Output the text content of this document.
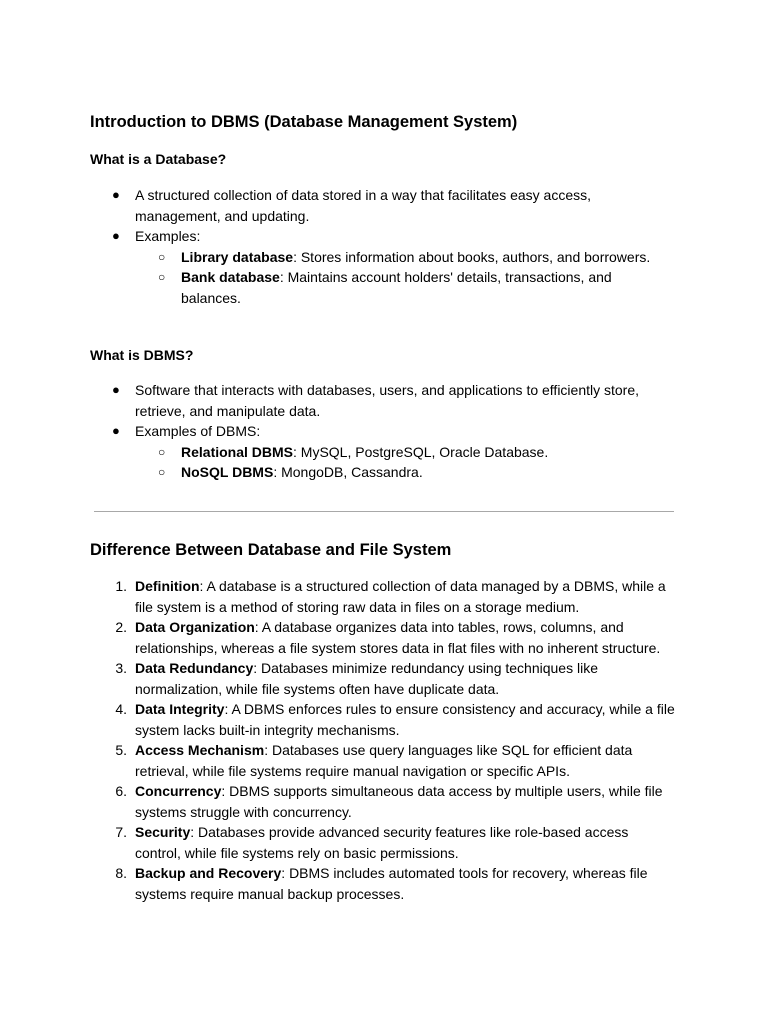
Introduction to DBMS (Database Management System)
What is a Database?
● A structured collection of data stored in a way that facilitates easy access, management, and updating.
● Examples:
○ Library database: Stores information about books, authors, and borrowers.
○ Bank database: Maintains account holders' details, transactions, and balances.
What is DBMS?
● Software that interacts with databases, users, and applications to efficiently store, retrieve, and manipulate data.
● Examples of DBMS:
○ Relational DBMS: MySQL, PostgreSQL, Oracle Database.
○ NoSQL DBMS: MongoDB, Cassandra.
Difference Between Database and File System
1. Definition: A database is a structured collection of data managed by a DBMS, while a file system is a method of storing raw data in files on a storage medium.
2. Data Organization: A database organizes data into tables, rows, columns, and relationships, whereas a file system stores data in flat files with no inherent structure.
3. Data Redundancy: Databases minimize redundancy using techniques like normalization, while file systems often have duplicate data.
4. Data Integrity: A DBMS enforces rules to ensure consistency and accuracy, while a file system lacks built-in integrity mechanisms.
5. Access Mechanism: Databases use query languages like SQL for efficient data retrieval, while file systems require manual navigation or specific APIs.
6. Concurrency: DBMS supports simultaneous data access by multiple users, while file systems struggle with concurrency.
7. Security: Databases provide advanced security features like role-based access control, while file systems rely on basic permissions.
8. Backup and Recovery: DBMS includes automated tools for recovery, whereas file systems require manual backup processes.
